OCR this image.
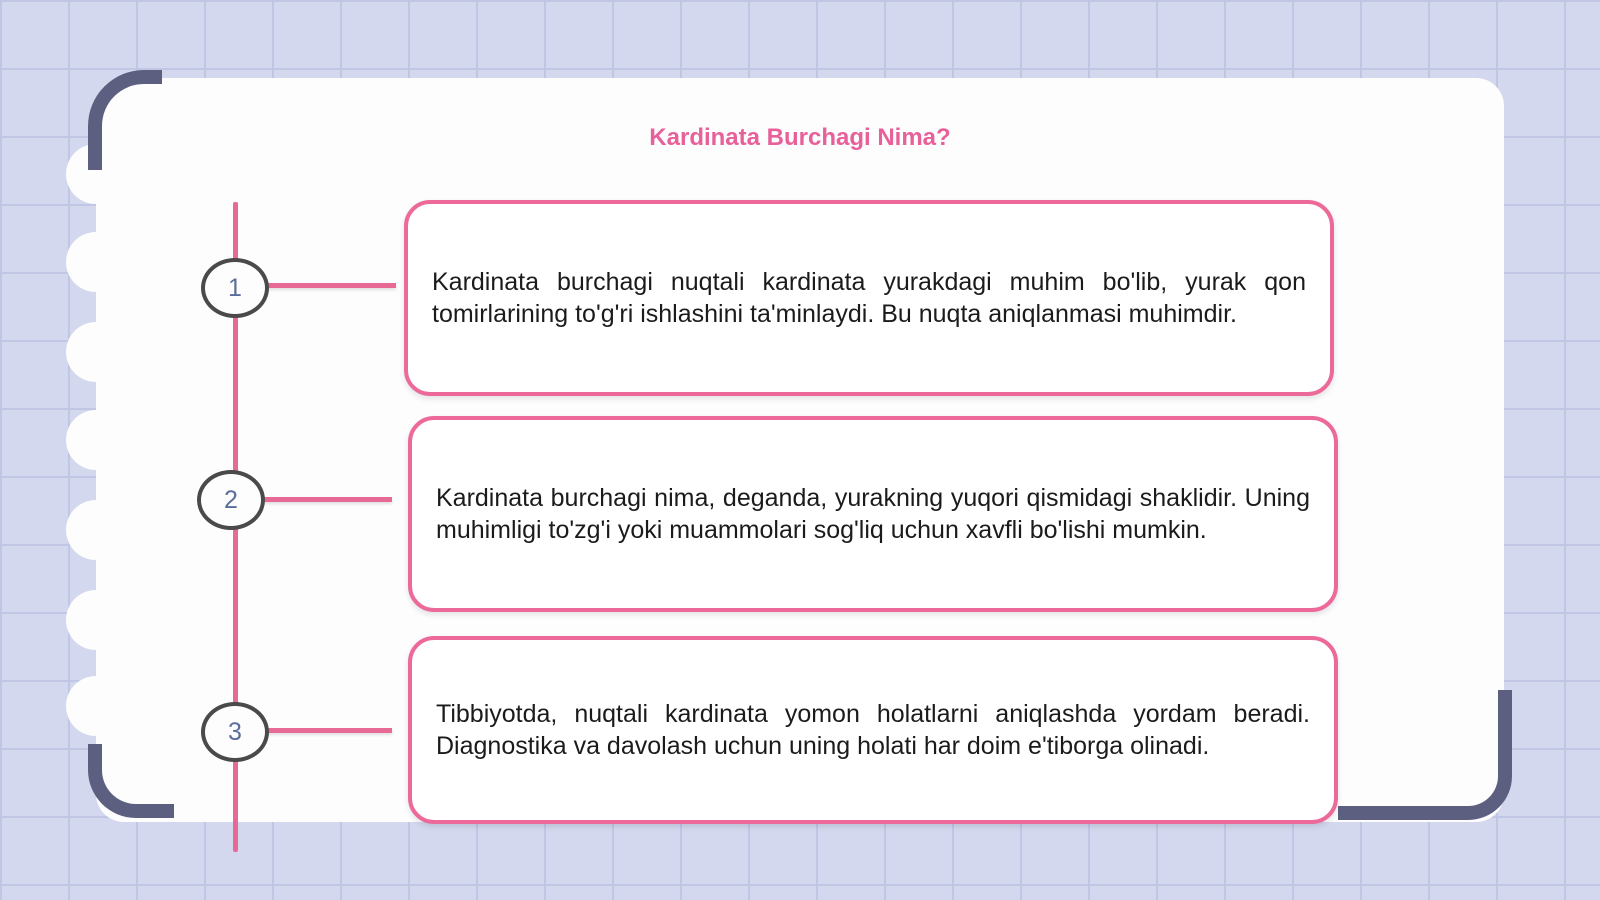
Kardinata Burchagi Nima?
1
2
3

Kardinata burchagi nuqtali kardinata yurakdagi muhim bo'lib, yurak qon tomirlarining to'g'ri ishlashini ta'minlaydi. Bu nuqta aniqlanmasi muhimdir.

Kardinata burchagi nima, deganda, yurakning yuqori qismidagi shaklidir. Uning muhimligi to'zg'i yoki muammolari sog'liq uchun xavfli bo'lishi mumkin.

Tibbiyotda, nuqtali kardinata yomon holatlarni aniqlashda yordam beradi. Diagnostika va davolash uchun uning holati har doim e'tiborga olinadi.
